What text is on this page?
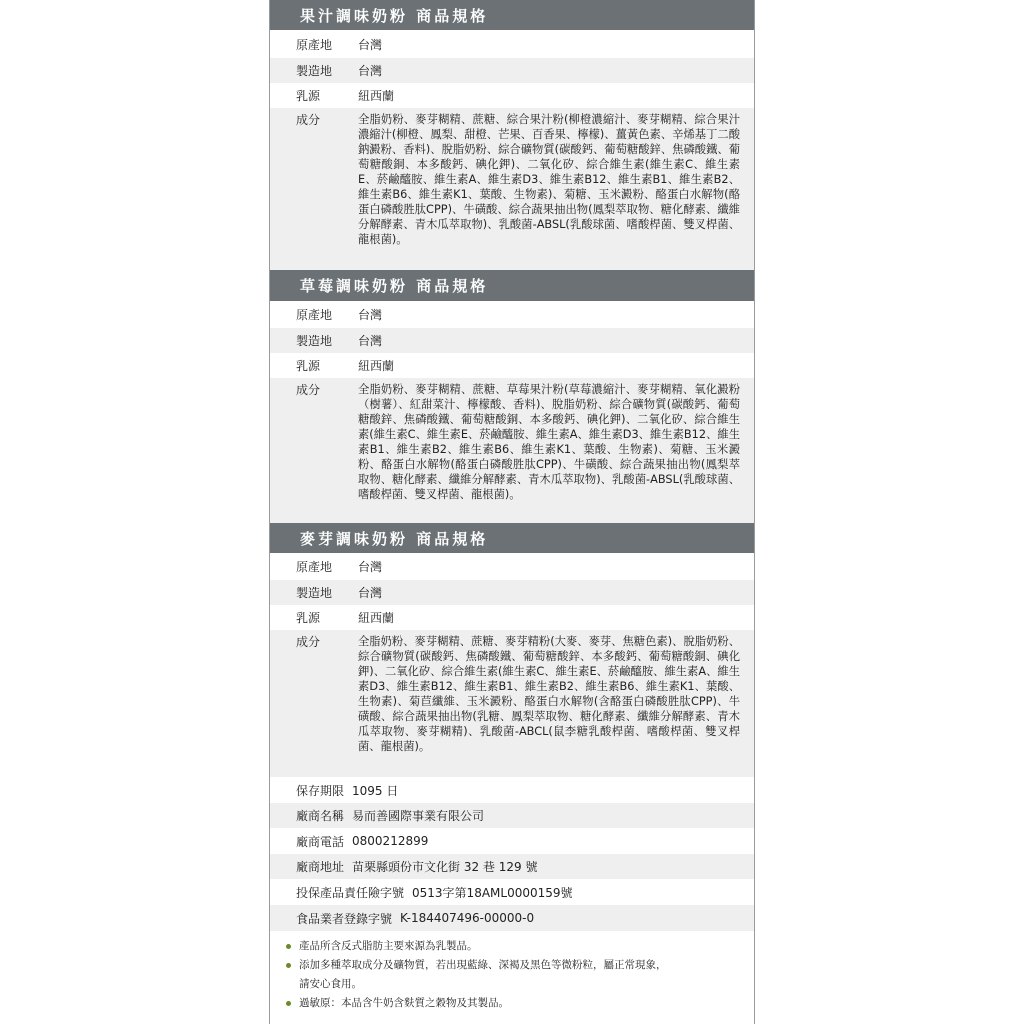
果汁調味奶粉 商品規格
原產地	台灣
製造地	台灣
乳源	紐西蘭
成分	全脂奶粉、麥芽糊精、蔗糖、綜合果汁粉(柳橙濃縮汁、麥芽糊精、綜合果汁濃縮汁(柳橙、鳳梨、甜橙、芒果、百香果、檸檬)、薑黃色素、辛烯基丁二酸鈉澱粉、香料)、脫脂奶粉、綜合礦物質(碳酸鈣、葡萄糖酸鋅、焦磷酸鐵、葡萄糖酸銅、本多酸鈣、碘化鉀)、二氧化矽、綜合維生素(維生素C、維生素E、菸鹼醯胺、維生素A、維生素D3、維生素B12、維生素B1、維生素B2、維生素B6、維生素K1、葉酸、生物素)、菊糖、玉米澱粉、酪蛋白水解物(酪蛋白磷酸胜肽CPP)、牛磺酸、綜合蔬果抽出物(鳳梨萃取物、糖化酵素、纖維分解酵素、青木瓜萃取物)、乳酸菌-ABSL(乳酸球菌、嗜酸桿菌、雙叉桿菌、龍根菌)。
草莓調味奶粉 商品規格
原產地	台灣
製造地	台灣
乳源	紐西蘭
成分	全脂奶粉、麥芽糊精、蔗糖、草莓果汁粉(草莓濃縮汁、麥芽糊精、氧化澱粉（樹薯）、紅甜菜汁、檸檬酸、香料)、脫脂奶粉、綜合礦物質(碳酸鈣、葡萄糖酸鋅、焦磷酸鐵、葡萄糖酸銅、本多酸鈣、碘化鉀)、二氧化矽、綜合維生素(維生素C、維生素E、菸鹼醯胺、維生素A、維生素D3、維生素B12、維生素B1、維生素B2、維生素B6、維生素K1、葉酸、生物素)、菊糖、玉米澱粉、酪蛋白水解物(酪蛋白磷酸胜肽CPP)、牛磺酸、綜合蔬果抽出物(鳳梨萃取物、糖化酵素、纖維分解酵素、青木瓜萃取物)、乳酸菌-ABSL(乳酸球菌、嗜酸桿菌、雙叉桿菌、龍根菌)。
麥芽調味奶粉 商品規格
原產地	台灣
製造地	台灣
乳源	紐西蘭
成分	全脂奶粉、麥芽糊精、蔗糖、麥芽精粉(大麥、麥芽、焦糖色素)、脫脂奶粉、綜合礦物質(碳酸鈣、焦磷酸鐵、葡萄糖酸鋅、本多酸鈣、葡萄糖酸銅、碘化鉀)、二氧化矽、綜合維生素(維生素C、維生素E、菸鹼醯胺、維生素A、維生素D3、維生素B12、維生素B1、維生素B2、維生素B6、維生素K1、葉酸、生物素)、菊苣纖維、玉米澱粉、酪蛋白水解物(含酪蛋白磷酸胜肽CPP)、牛磺酸、綜合蔬果抽出物(乳糖、鳳梨萃取物、糖化酵素、纖維分解酵素、青木瓜萃取物、麥芽糊精)、乳酸菌-ABCL(鼠李糖乳酸桿菌、嗜酸桿菌、雙叉桿菌、龍根菌)。
保存期限 1095 日
廠商名稱 易而善國際事業有限公司
廠商電話 0800212899
廠商地址 苗栗縣頭份市文化街 32 巷 129 號
投保產品責任險字號 0513字第18AML0000159號
食品業者登錄字號 K-184407496-00000-0
產品所含反式脂肪主要來源為乳製品。
添加多種萃取成分及礦物質，若出現藍綠、深褐及黑色等微粉粒，屬正常現象，
請安心食用。
過敏原：本品含牛奶含麩質之穀物及其製品。
